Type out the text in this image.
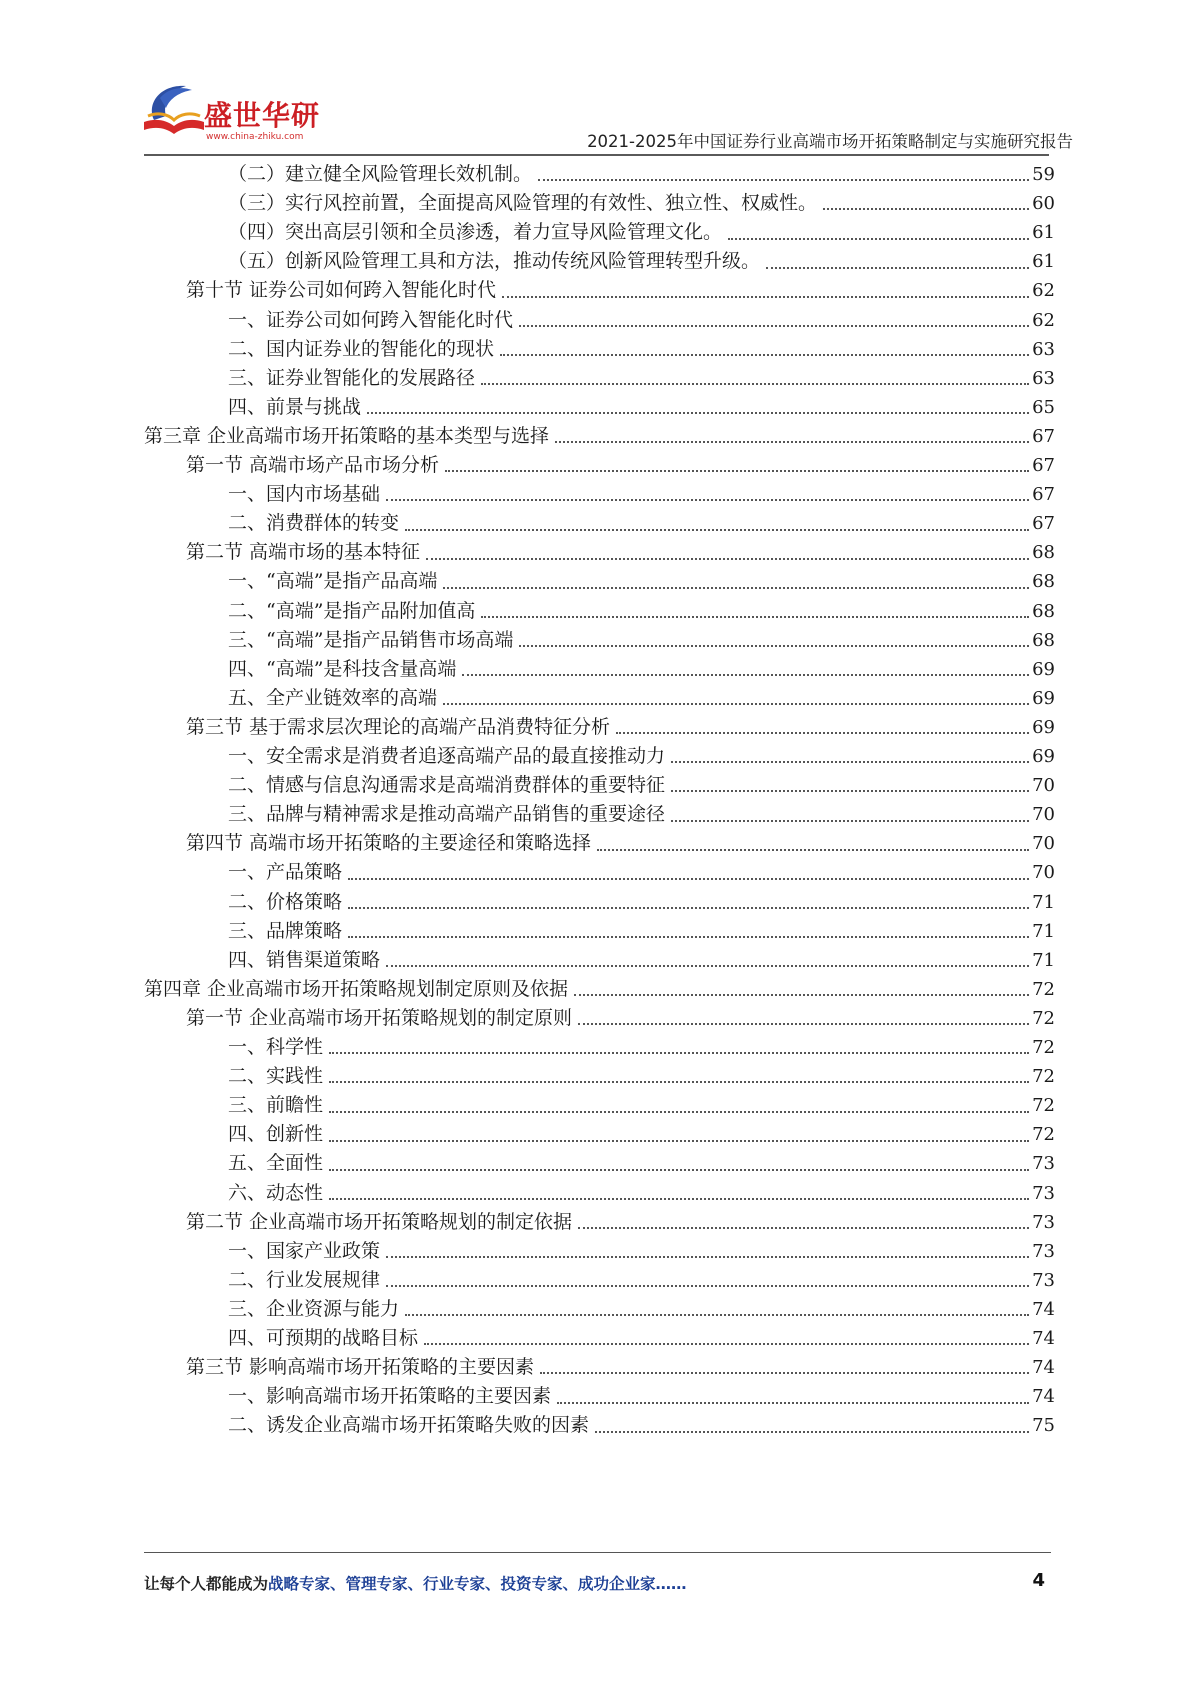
盛世华研
www.china-zhiku.com	2021-2025年中国证券行业高端市场开拓策略制定与实施研究报告
（二）建立健全风险管理长效机制。	59
（三）实行风控前置，全面提高风险管理的有效性、独立性、权威性。	60
（四）突出高层引领和全员渗透，着力宣导风险管理文化。	61
（五）创新风险管理工具和方法，推动传统风险管理转型升级。	61
第十节 证券公司如何跨入智能化时代	62
一、证券公司如何跨入智能化时代	62
二、国内证券业的智能化的现状	63
三、证券业智能化的发展路径	63
四、前景与挑战	65
第三章 企业高端市场开拓策略的基本类型与选择	67
第一节 高端市场产品市场分析	67
一、国内市场基础	67
二、消费群体的转变	67
第二节 高端市场的基本特征	68
一、“高端”是指产品高端	68
二、“高端”是指产品附加值高	68
三、“高端”是指产品销售市场高端	68
四、“高端”是科技含量高端	69
五、全产业链效率的高端	69
第三节 基于需求层次理论的高端产品消费特征分析	69
一、安全需求是消费者追逐高端产品的最直接推动力	69
二、情感与信息沟通需求是高端消费群体的重要特征	70
三、品牌与精神需求是推动高端产品销售的重要途径	70
第四节 高端市场开拓策略的主要途径和策略选择	70
一、产品策略	70
二、价格策略	71
三、品牌策略	71
四、销售渠道策略	71
第四章 企业高端市场开拓策略规划制定原则及依据	72
第一节 企业高端市场开拓策略规划的制定原则	72
一、科学性	72
二、实践性	72
三、前瞻性	72
四、创新性	72
五、全面性	73
六、动态性	73
第二节 企业高端市场开拓策略规划的制定依据	73
一、国家产业政策	73
二、行业发展规律	73
三、企业资源与能力	74
四、可预期的战略目标	74
第三节 影响高端市场开拓策略的主要因素	74
一、影响高端市场开拓策略的主要因素	74
二、诱发企业高端市场开拓策略失败的因素	75
让每个人都能成为战略专家、管理专家、行业专家、投资专家、成功企业家……	4
